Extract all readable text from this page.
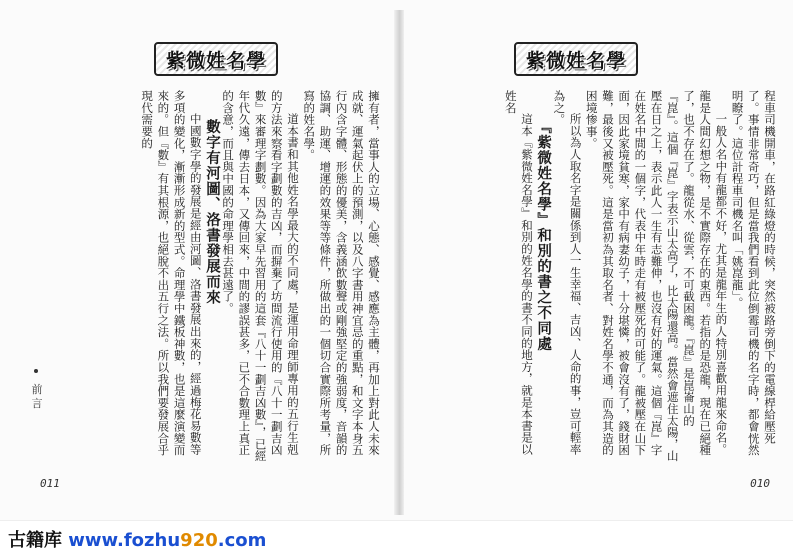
紫微姓名學

程車司機開車，在路紅綠燈的時候，突然被路旁倒下的電線桿給壓死了。事情非常奇巧，但是當我們看到此位倒霉司機的名字時，都會恍然明瞭了。這位計程車司機名叫「姚崑龍」。

一般人名中有龍都不好，尤其是龍年生的人特別喜歡用龍來命名。龍是人間幻想之物，是不實際存在的東西。若指的是恐龍，現在已絕種了，也不存在了。龍從水、從雲，不可截困龍。『崑』是崑崙山的『崑』。這個『崑』字表示山太高了，比太陽還高。當然會遮住太陽，山壓在日之上，表示此人一生有志難伸，也沒有好的運氣。這個『崑』字在姓名中間的一個字，代表中年時走有被壓死的可能了。龍被壓在山下面，因此家境貧寒，家中有病妻幼子，十分堪憐，被會沒有了，錢財困難，最後又被壓死。這是當初為其取名者、對姓名學不通，而為其造的困境惨事。

所以為人取名字是關係到人一生幸福、吉凶、人命的事，豈可輕率為之。

『紫微姓名學』和別的書之不同處

這本『紫微姓名學』和別的姓名學的書不同的地方，就是本書是以姓名

010
紫微姓名學

擁有者，當事人的立場、心態、感覺、感應為主體，再加上對此人未來成就、運氣起伏上的預測，以及八字書用神宜忌的重點，和文字本身五行內含字體、形態的優美，含義涵飲數聲或剛強堅定的強弱度，音韻的協調、助運、增運的效果等等條件，所做出的一個切合實際所考量，所寫的姓名學。

道本書和其他姓名學最大的不同處，是運用命理師專用的五行生剋的方法來察看字劃數的吉凶，而摒棄了坊間流行使用的『八十一劃吉凶數』來審理字劃數。因為大家早先習用的這套『八十一劃吉凶數』，已經年代久遠，傳去日本，又傳回來，中間的謬誤甚多，已不合數理上真正的含意，而且與中國的命理學相去甚遠了。

數字有河圖、洛書發展而來

中國數字學的發展是經由河圖、洛書發展出來的，經過梅花易數等多項的變化，漸漸形成新的型式。命理學中鐵板神數，也是這麼演變而來的。但『數』有其根源，也絕脫不出五行之法。所以我們要發展合乎現代需要的

前言
011
古籍库 www.fozhu920.com
